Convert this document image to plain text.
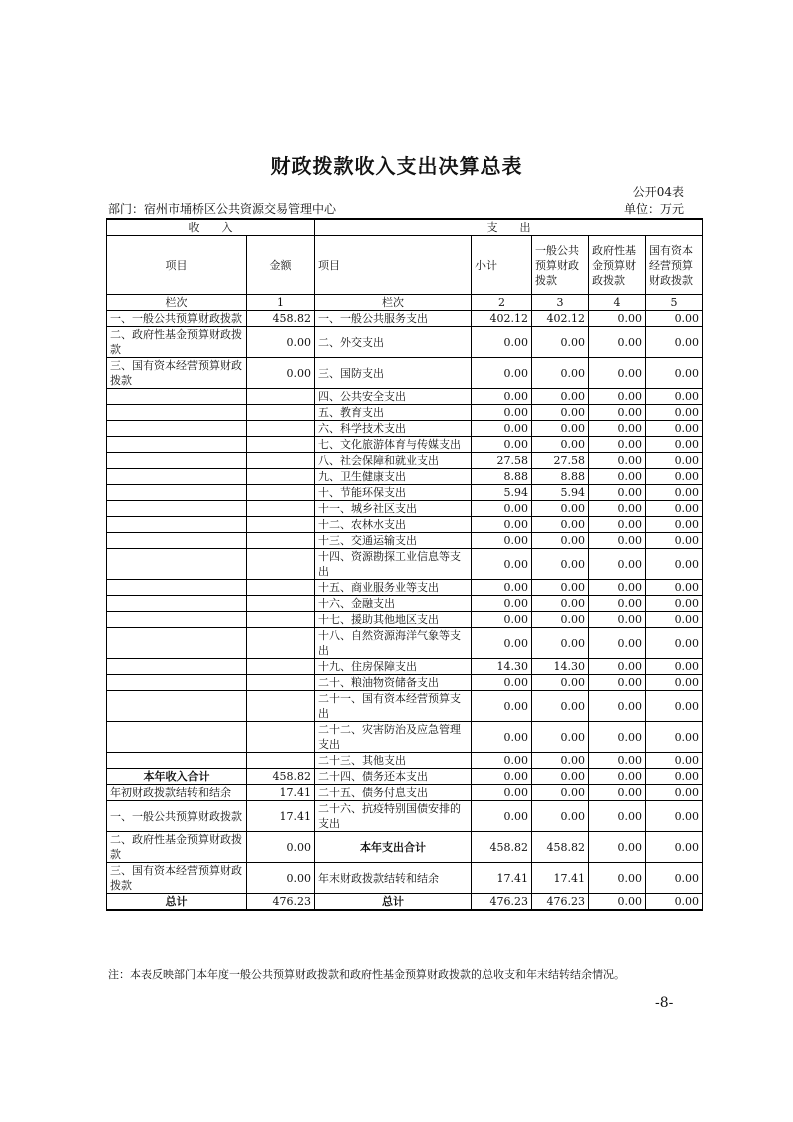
财政拨款收入支出决算总表
公开04表
部门：宿州市埇桥区公共资源交易管理中心	单位：万元
收　　入		支　　出				
项目	金额	项目	小计	一般公共预算财政拨款	政府性基金预算财政拨款	国有资本经营预算财政拨款
栏次	1	栏次	2	3	4	5
一、一般公共预算财政拨款	458.82	一、一般公共服务支出	402.12	402.12	0.00	0.00
二、政府性基金预算财政拨款	0.00	二、外交支出	0.00	0.00	0.00	0.00
三、国有资本经营预算财政拨款	0.00	三、国防支出	0.00	0.00	0.00	0.00
		四、公共安全支出	0.00	0.00	0.00	0.00
		五、教育支出	0.00	0.00	0.00	0.00
		六、科学技术支出	0.00	0.00	0.00	0.00
		七、文化旅游体育与传媒支出	0.00	0.00	0.00	0.00
		八、社会保障和就业支出	27.58	27.58	0.00	0.00
		九、卫生健康支出	8.88	8.88	0.00	0.00
		十、节能环保支出	5.94	5.94	0.00	0.00
		十一、城乡社区支出	0.00	0.00	0.00	0.00
		十二、农林水支出	0.00	0.00	0.00	0.00
		十三、交通运输支出	0.00	0.00	0.00	0.00
		十四、资源勘探工业信息等支出	0.00	0.00	0.00	0.00
		十五、商业服务业等支出	0.00	0.00	0.00	0.00
		十六、金融支出	0.00	0.00	0.00	0.00
		十七、援助其他地区支出	0.00	0.00	0.00	0.00
		十八、自然资源海洋气象等支出	0.00	0.00	0.00	0.00
		十九、住房保障支出	14.30	14.30	0.00	0.00
		二十、粮油物资储备支出	0.00	0.00	0.00	0.00
		二十一、国有资本经营预算支出	0.00	0.00	0.00	0.00
		二十二、灾害防治及应急管理支出	0.00	0.00	0.00	0.00
		二十三、其他支出	0.00	0.00	0.00	0.00
本年收入合计	458.82	二十四、债务还本支出	0.00	0.00	0.00	0.00
年初财政拨款结转和结余	17.41	二十五、债务付息支出	0.00	0.00	0.00	0.00
一、一般公共预算财政拨款	17.41	二十六、抗疫特别国债安排的支出	0.00	0.00	0.00	0.00
二、政府性基金预算财政拨款	0.00	本年支出合计	458.82	458.82	0.00	0.00
三、国有资本经营预算财政拨款	0.00	年末财政拨款结转和结余	17.41	17.41	0.00	0.00
总计	476.23	总计	476.23	476.23	0.00	0.00
注：本表反映部门本年度一般公共预算财政拨款和政府性基金预算财政拨款的总收支和年末结转结余情况。
-8-
